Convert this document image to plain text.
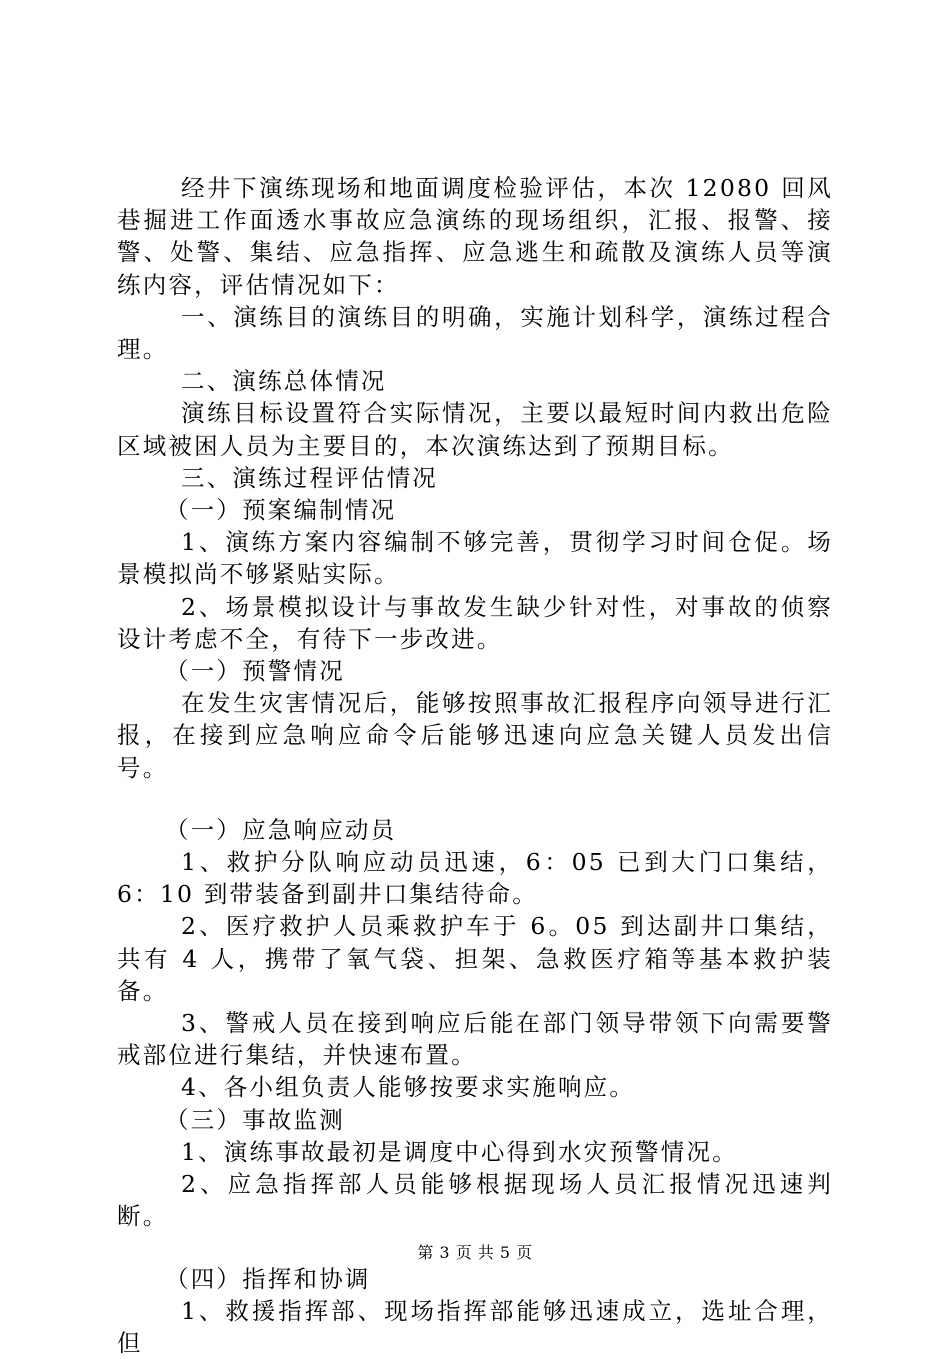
经井下演练现场和地面调度检验评估，本次 12080 回风巷掘进工作面透水事故应急演练的现场组织，汇报、报警、接警、处警、集结、应急指挥、应急逃生和疏散及演练人员等演练内容，评估情况如下：

一、演练目的演练目的明确，实施计划科学，演练过程合理。

二、演练总体情况

演练目标设置符合实际情况，主要以最短时间内救出危险区域被困人员为主要目的，本次演练达到了预期目标。

三、演练过程评估情况

（一）预案编制情况

1、演练方案内容编制不够完善，贯彻学习时间仓促。场景模拟尚不够紧贴实际。

2、场景模拟设计与事故发生缺少针对性，对事故的侦察设计考虑不全，有待下一步改进。

（一）预警情况

在发生灾害情况后，能够按照事故汇报程序向领导进行汇报，在接到应急响应命令后能够迅速向应急关键人员发出信号。

（一）应急响应动员

1、救护分队响应动员迅速，6：05 已到大门口集结，6：10 到带装备到副井口集结待命。

2、医疗救护人员乘救护车于 6。05 到达副井口集结，共有 4 人，携带了氧气袋、担架、急救医疗箱等基本救护装备。

3、警戒人员在接到响应后能在部门领导带领下向需要警戒部位进行集结，并快速布置。

4、各小组负责人能够按要求实施响应。

（三）事故监测

1、演练事故最初是调度中心得到水灾预警情况。

2、应急指挥部人员能够根据现场人员汇报情况迅速判断。

（四）指挥和协调

1、救援指挥部、现场指挥部能够迅速成立，选址合理，但

第 3 页 共 5 页
